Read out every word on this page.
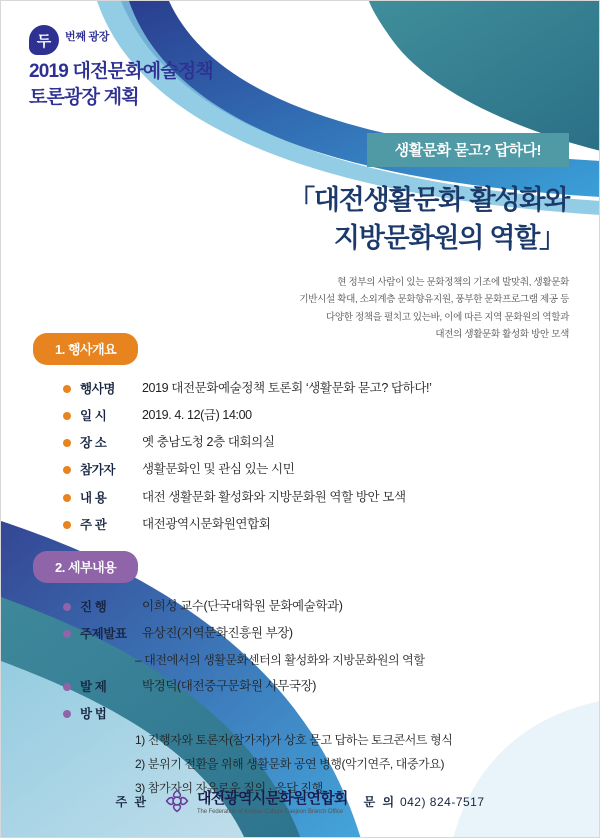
두	번째 광장
2019 대전문화예술정책
토론광장 계획
생활문화 묻고? 답하다!
「대전생활문화 활성화와
지방문화원의 역할」
현 정부의 사람이 있는 문화정책의 기조에 발맞춰, 생활문화
기반시설 확대, 소외계층 문화향유지원, 풍부한 문화프로그램 제공 등
다양한 정책을 펼치고 있는바, 이에 따른 지역 문화원의 역할과
대전의 생활문화 활성화 방안 모색
1. 행사개요
행사명	2019 대전문화예술정책 토론회 ‘생활문화 묻고? 답하다!’
일 시	2019. 4. 12(금) 14:00
장 소	옛 충남도청 2층 대회의실
참가자	생활문화인 및 관심 있는 시민
내 용	대전 생활문화 활성화와 지방문화원 역할 방안 모색
주 관	대전광역시문화원연합회
2. 세부내용
진 행	이희성 교수(단국대학원 문화예술학과)
주제발표	유상진(지역문화진흥원 부장)
– 대전에서의 생활문화센터의 활성화와 지방문화원의 역할
발 제	박경덕(대전중구문화원 사무국장)
방 법
1) 진행자와 토론자(참가자)가 상호 묻고 답하는 토크콘서트 형식
2) 분위기 전환을 위해 생활문화 공연 병행(악기연주, 대중가요)
3) 참가자의 자유로운 질의 · 응답 진행
주 관	대전광역시문화원연합회
The Federation of Korean Culture Daejeon Branch Office
문 의 042) 824-7517
